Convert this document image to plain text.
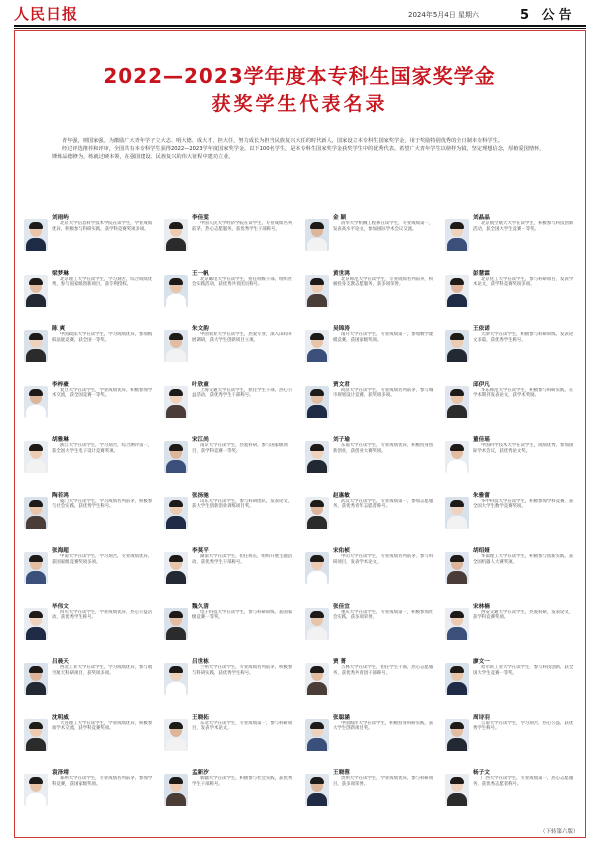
人民日报	2024年5月4日 星期六	5 公告
2022—2023学年度本专科生国家奖学金
获奖学生代表名录

青年强，则国家强。为激励广大青年学子立大志、明大德、成大才、担大任，努力成长为担当民族复兴大任的时代新人，国家设立本专科生国家奖学金，用于奖励特别优秀的全日制本专科学生。

经过评选推荐和评审，全国共有本专科学生获得2022—2023学年度国家奖学金。以下100名学生，是本专科生国家奖学金获奖学生中的优秀代表。希望广大青年学生以榜样为镜，坚定理想信念，厚植爱国情怀，锤炼品德修为，练就过硬本领，在强国建设、民族复兴的伟大征程中建功立业。

刘雨屿
北京大学信息科学技术学院在读学生，学业成绩优异，积极参与科研实践，获学科竞赛奖项多项。
李佳雯
中国人民大学经济学院在读学生，专业成绩名列前茅，热心志愿服务，获优秀学生干部称号。
金 颖
清华大学机械工程系在读学生，专业成绩第一，发表高水平论文，参加国际学术会议交流。
刘晶晶
北京航空航天大学在读学生，积极参与科技创新活动，获全国大学生竞赛一等奖。
梁梦琳
北京理工大学在读学生，学习刻苦，综合成绩优秀，参与国家级创新项目，获专利授权。
王一帆
北京邮电大学在读学生，担任班级干部，组织社会实践活动，获优秀共青团员称号。
黄世鸿
北京师范大学在读学生，专业成绩名列前茅，积极投身支教志愿服务，获多项荣誉。
彭慧霖
北京化工大学在读学生，参与科研项目，发表学术论文，获学科竞赛奖项多项。
陈 爽
中国政法大学在读学生，学习成绩优异，参加模拟法庭竞赛，获全国一等奖。
朱文韵
中国农业大学在读学生，热爱专业，深入田间开展调研，获大学生创新项目立项。
吴锦涛
南开大学在读学生，专业成绩第一，参加数学建模竞赛，获国家级奖项。
王依诺
天津大学在读学生，积极参与科研训练，发表论文多篇，获优秀学生称号。
李梓豪
复旦大学在读学生，学业成绩优异，积极参加学术交流，获全国竞赛一等奖。
叶欣童
上海交通大学在读学生，担任学生干部，热心公益活动，获优秀学生干部称号。
贾文君
同济大学在读学生，专业成绩名列前茅，参与城市规划设计竞赛，获奖项多项。
邱伊凡
华东师范大学在读学生，积极参与科研实践，在学术期刊发表论文，获学术奖励。
胡雅琳
浙江大学在读学生，学习刻苦，综合测评第一，获全国大学生电子设计竞赛奖项。
宋江尚
南京大学在读学生，热爱科研，参与国家级项目，获学科竞赛一等奖。
刘子瑜
东南大学在读学生，专业成绩优异，积极投身创新创业，获创业大赛奖项。
董佳瑶
中国科学技术大学在读学生，成绩优秀，参加国际学术会议，获优秀论文奖。
陶若鸿
厦门大学在读学生，学习成绩名列前茅，积极参与社会实践，获优秀学生称号。
张扬驰
山东大学在读学生，参与科研团队，发表论文，获大学生创新创业训练项目奖。
赵惠敏
武汉大学在读学生，专业成绩第一，参加志愿服务，获优秀青年志愿者称号。
朱雅蕾
华中科技大学在读学生，积极参加学科竞赛，获全国大学生数学竞赛奖项。
张海超
中南大学在读学生，学习刻苦，专业成绩优异，获国家级竞赛奖项多项。
李莫平
湖南大学在读学生，担任班长，组织开展主题活动，获优秀学生干部称号。
宋佑桢
中山大学在读学生，专业成绩名列前茅，参与科研项目，发表学术论文。
胡绍娅
华南理工大学在读学生，积极参与创新实践，获全国机器人大赛奖项。
毕伟文
四川大学在读学生，学业成绩优异，热心公益活动，获优秀学生称号。
魏久清
电子科技大学在读学生，参与科研训练，获国家级竞赛一等奖。
张佳宜
重庆大学在读学生，专业成绩第一，积极参加社会实践，获多项荣誉。
宋林楠
西安交通大学在读学生，热爱科研，发表论文，获学科竞赛奖项。
吕晨天
西北工业大学在读学生，学习成绩优异，参与航空航天科研项目，获奖项多项。
吕世栋
兰州大学在读学生，专业成绩名列前茅，积极参与科研实践，获优秀学生称号。
贾 菁
吉林大学在读学生，担任学生干部，热心志愿服务，获优秀共青团干部称号。
廖文一
哈尔滨工业大学在读学生，参与科技创新，获全国大学生竞赛一等奖。
沈明威
大连理工大学在读学生，学业成绩优异，积极参加学术交流，获学科竞赛奖项。
王晓拓
东北大学在读学生，专业成绩第一，参与科研项目，发表学术论文。
张聪涵
中国海洋大学在读学生，积极投身科研实践，获大学生创新项目奖。
周诗羽
云南大学在读学生，学习刻苦，热心公益，获优秀学生称号。
袁泽靖
郑州大学在读学生，专业成绩名列前茅，参加学科竞赛，获国家级奖项。
孟新汐
新疆大学在读学生，积极参与社会实践，获优秀学生干部称号。
王晓蓉
贵州大学在读学生，学业成绩优异，参与科研项目，获多项荣誉。
杨子文
广西大学在读学生，专业成绩第一，热心志愿服务，获优秀志愿者称号。
（下转第六版）
